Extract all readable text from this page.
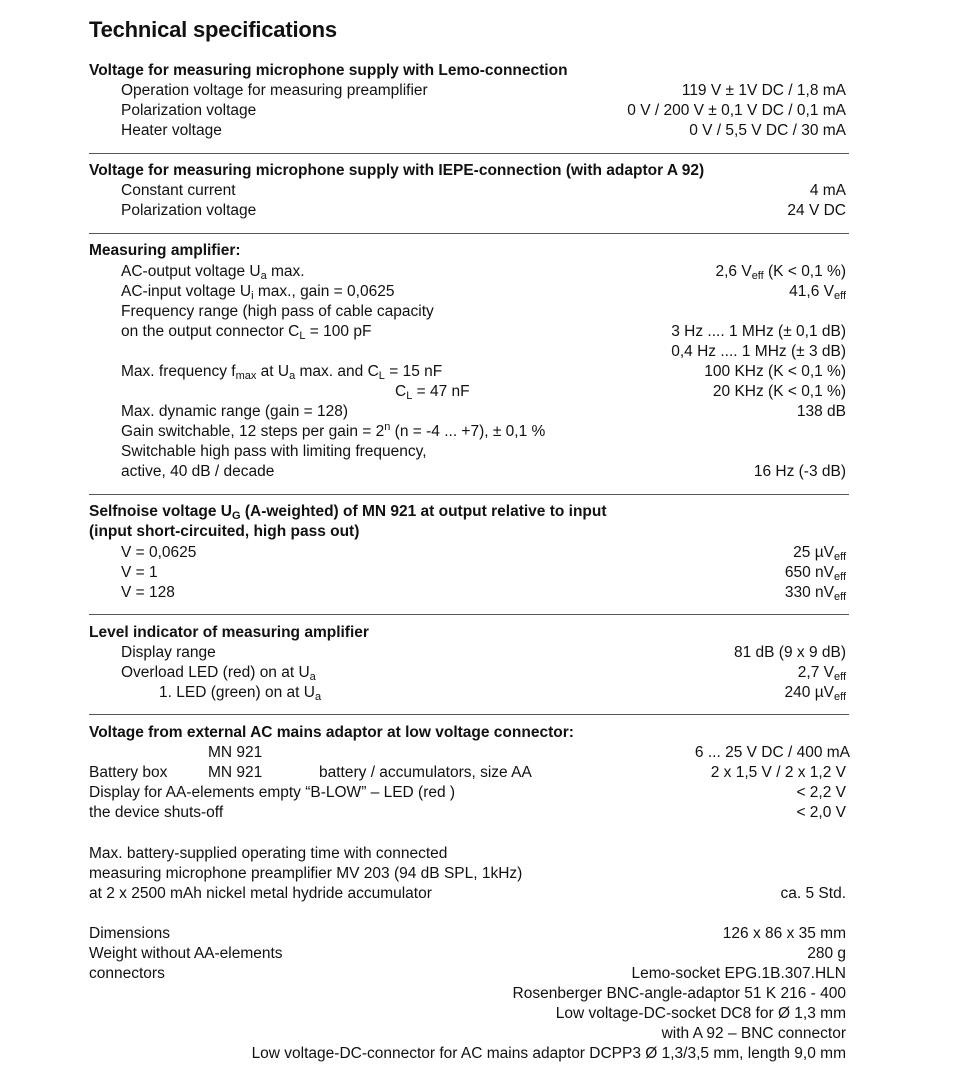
Technical specifications
Voltage for measuring microphone supply with Lemo-connection
Operation voltage for measuring preamplifier	119 V ± 1V DC / 1,8 mA
Polarization voltage	0 V / 200 V ± 0,1 V DC / 0,1 mA
Heater voltage	0 V / 5,5 V DC / 30 mA
Voltage for measuring microphone supply with IEPE-connection (with adaptor A 92)
Constant current	4 mA
Polarization voltage	24 V DC
Measuring amplifier:
AC-output voltage $U_a$ max.	2,6 $V_{eff}$ (K < 0,1 %)
AC-input voltage $U_i$ max., gain = 0,0625	41,6 $V_{eff}$
Frequency range (high pass of cable capacity
on the output connector $C_L = 100$ pF	3 Hz .... 1 MHz (± 0,1 dB)
0,4 Hz .... 1 MHz (± 3 dB)
Max. frequency $f_{max}$ at $U_a$ max. and $C_L = 15$ nF	100 KHz (K < 0,1 %)
$C_L = 47$ nF	20 KHz (K < 0,1 %)
Max. dynamic range (gain = 128)	138 dB
Gain switchable, 12 steps per gain = $2^n$ (n = -4 ... +7), ± 0,1 %
Switchable high pass with limiting frequency,
active, 40 dB / decade	16 Hz (-3 dB)
Selfnoise voltage $U_G$ (A-weighted) of MN 921 at output relative to input
(input short-circuited, high pass out)
V = 0,0625	25 µV$_{eff}$
V = 1	650 $nV_{eff}$
V = 128	330 $nV_{eff}$
Level indicator of measuring amplifier
Display range	81 dB (9 x 9 dB)
Overload LED (red) on at $U_a$	2,7 $V_{eff}$
1. LED (green) on at $U_a$	240 µV$_{eff}$
Voltage from external AC mains adaptor at low voltage connector:
MN 921	6 ... 25 V DC / 400 mA
Battery box	MN 921	battery / accumulators, size AA	2 x 1,5 V / 2 x 1,2 V
Display for AA-elements empty “B-LOW” – LED (red )	< 2,2 V
the device shuts-off	< 2,0 V
Max. battery-supplied operating time with connected
measuring microphone preamplifier MV 203 (94 dB SPL, 1kHz)
at 2 x 2500 mAh nickel metal hydride accumulator	ca. 5 Std.
Dimensions	126 x 86 x 35 mm
Weight without AA-elements	280 g
connectors	Lemo-socket EPG.1B.307.HLN
Rosenberger BNC-angle-adaptor 51 K 216 - 400
Low voltage-DC-socket DC8 for Ø 1,3 mm
with A 92 – BNC connector
Low voltage-DC-connector for AC mains adaptor DCPP3 Ø 1,3/3,5 mm, length 9,0 mm
